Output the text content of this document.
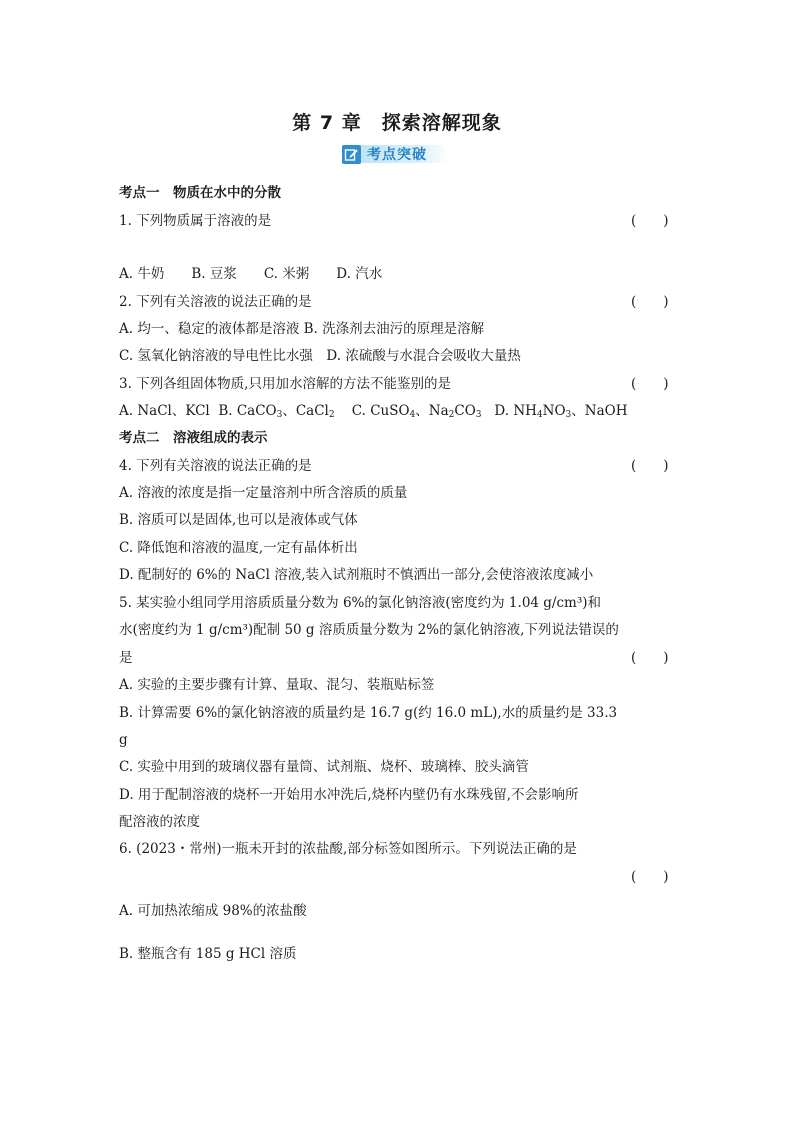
第 7 章　探索溶解现象
考点突破
考点一　物质在水中的分散
1. 下列物质属于溶液的是	(　　)
A. 牛奶　　B. 豆浆　　C. 米粥　　D. 汽水
2. 下列有关溶液的说法正确的是	(　　)
A. 均一、稳定的液体都是溶液 B. 洗涤剂去油污的原理是溶解
C. 氢氧化钠溶液的导电性比水强　D. 浓硫酸与水混合会吸收大量热
3. 下列各组固体物质,只用加水溶解的方法不能鉴别的是	(　　)
A. NaCl、KCl B. CaCO$_3$、CaCl$_2$ C. CuSO$_4$、$Na_2CO_3$ D. $NH_4NO_3$、NaOH
考点二　溶液组成的表示
4. 下列有关溶液的说法正确的是	(　　)
A. 溶液的浓度是指一定量溶剂中所含溶质的质量
B. 溶质可以是固体,也可以是液体或气体
C. 降低饱和溶液的温度,一定有晶体析出
D. 配制好的 6%的 NaCl 溶液,装入试剂瓶时不慎洒出一部分,会使溶液浓度减小
5. 某实验小组同学用溶质质量分数为 6%的氯化钠溶液(密度约为 1.04 g/cm³)和
水(密度约为 1 g/cm³)配制 50 g 溶质质量分数为 2%的氯化钠溶液,下列说法错误的
是	(　　)
A. 实验的主要步骤有计算、量取、混匀、装瓶贴标签
B. 计算需要 6%的氯化钠溶液的质量约是 16.7 g(约 16.0 mL),水的质量约是 33.3
g
C. 实验中用到的玻璃仪器有量筒、试剂瓶、烧杯、玻璃棒、胶头滴管
D. 用于配制溶液的烧杯一开始用水冲洗后,烧杯内壁仍有水珠残留,不会影响所
配溶液的浓度
6. (2023・常州)一瓶未开封的浓盐酸,部分标签如图所示。下列说法正确的是
(　　)
A. 可加热浓缩成 98%的浓盐酸
B. 整瓶含有 185 g HCl 溶质
